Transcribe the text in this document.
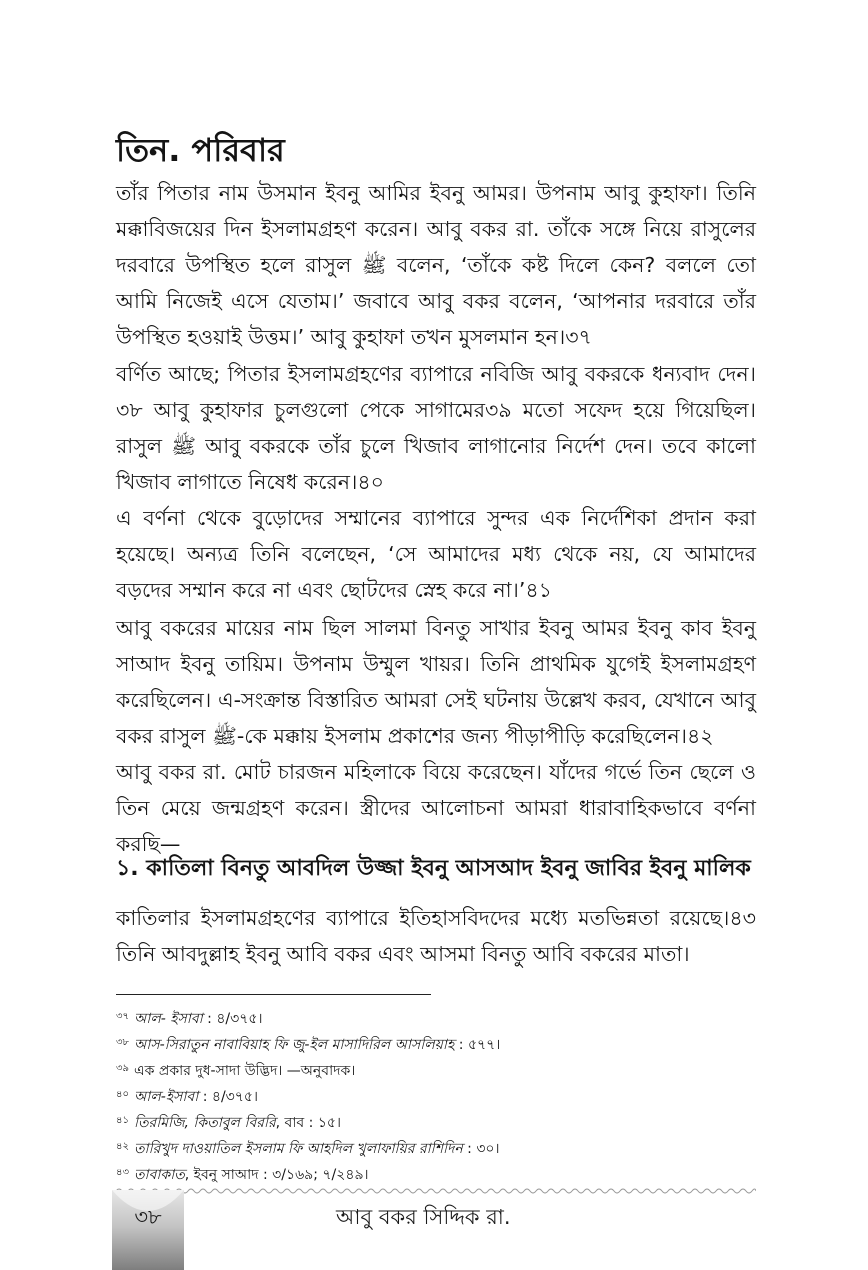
তিন. পরিবার

তাঁর পিতার নাম উসমান ইবনু আমির ইবনু আমর। উপনাম আবু কুহাফা। তিনি মক্কাবিজয়ের দিন ইসলামগ্রহণ করেন। আবু বকর রা. তাঁকে সঙ্গে নিয়ে রাসুলের দরবারে উপস্থিত হলে রাসুল ﷺ বলেন, ‘তাঁকে কষ্ট দিলে কেন? বললে তো আমি নিজেই এসে যেতাম।’ জবাবে আবু বকর বলেন, ‘আপনার দরবারে তাঁর উপস্থিত হওয়াই উত্তম।’ আবু কুহাফা তখন মুসলমান হন।৩৭

বর্ণিত আছে; পিতার ইসলামগ্রহণের ব্যাপারে নবিজি আবু বকরকে ধন্যবাদ দেন।৩৮ আবু কুহাফার চুলগুলো পেকে সাগামের৩৯ মতো সফেদ হয়ে গিয়েছিল। রাসুল ﷺ আবু বকরকে তাঁর চুলে খিজাব লাগানোর নির্দেশ দেন। তবে কালো খিজাব লাগাতে নিষেধ করেন।৪০

এ বর্ণনা থেকে বুড়োদের সম্মানের ব্যাপারে সুন্দর এক নির্দেশিকা প্রদান করা হয়েছে। অন্যত্র তিনি বলেছেন, ‘সে আমাদের মধ্য থেকে নয়, যে আমাদের বড়দের সম্মান করে না এবং ছোটদের স্নেহ করে না।’৪১

আবু বকরের মায়ের নাম ছিল সালমা বিনতু সাখার ইবনু আমর ইবনু কাব ইবনু সাআদ ইবনু তায়িম। উপনাম উম্মুল খায়র। তিনি প্রাথমিক যুগেই ইসলামগ্রহণ করেছিলেন। এ-সংক্রান্ত বিস্তারিত আমরা সেই ঘটনায় উল্লেখ করব, যেখানে আবু বকর রাসুল ﷺ-কে মক্কায় ইসলাম প্রকাশের জন্য পীড়াপীড়ি করেছিলেন।৪২

আবু বকর রা. মোট চারজন মহিলাকে বিয়ে করেছেন। যাঁদের গর্ভে তিন ছেলে ও তিন মেয়ে জন্মগ্রহণ করেন। স্ত্রীদের আলোচনা আমরা ধারাবাহিকভাবে বর্ণনা করছি—

১. কাতিলা বিনতু আবদিল উজ্জা ইবনু আসআদ ইবনু জাবির ইবনু মালিক

কাতিলার ইসলামগ্রহণের ব্যাপারে ইতিহাসবিদদের মধ্যে মতভিন্নতা রয়েছে।৪৩ তিনি আবদুল্লাহ ইবনু আবি বকর এবং আসমা বিনতু আবি বকরের মাতা।

$^{৩৭}$ আল- ইসাবা : ৪/৩৭৫।
$^{৩৮}$ আস-সিরাতুন নাবাবিয়াহ ফি জু-ইল মাসাদিরিল আসলিয়াহ : ৫৭৭।
$^{৩৯}$ এক প্রকার দুধ-সাদা উদ্ভিদ। —অনুবাদক।
$^{৪০}$ আল-ইসাবা : ৪/৩৭৫।
$^{৪১}$ তিরমিজি, কিতাবুল বিররি, বাব : ১৫।
$^{৪২}$ তারিখুদ দাওয়াতিল ইসলাম ফি আহদিল খুলাফায়ির রাশিদিন : ৩০।
$^{৪৩}$ তাবাকাত, ইবনু সাআদ : ৩/১৬৯; ৭/২৪৯।
৩৮	আবু বকর সিদ্দিক রা.
